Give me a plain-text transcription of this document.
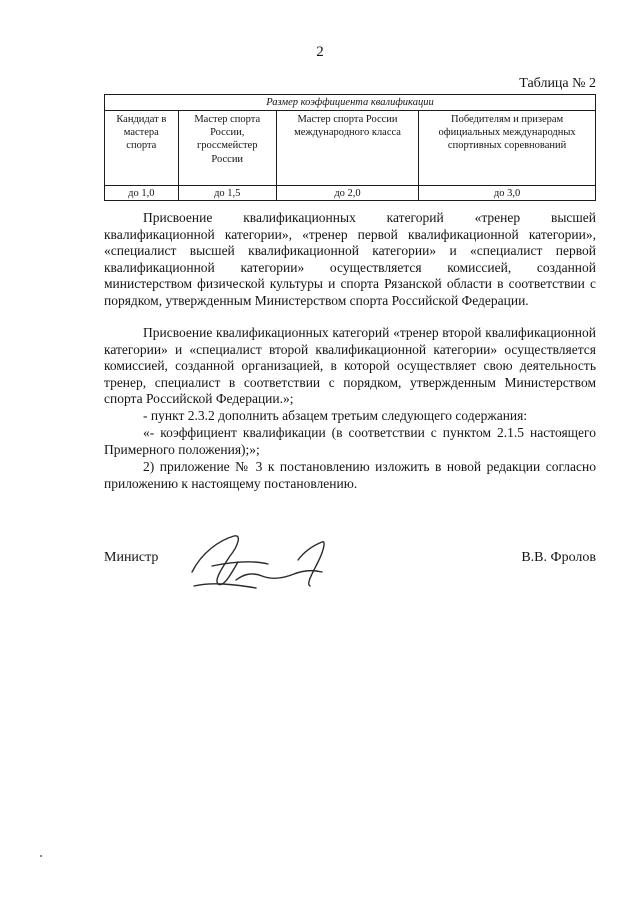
2
Таблица № 2
Размер коэффициента квалификации			
Кандидат в мастера спорта	Мастер спорта России, гроссмейстер России	Мастер спорта России международного класса	Победителям и призерам официальных международных спортивных соревнований
до 1,0	до 1,5	до 2,0	до 3,0

Присвоение квалификационных категорий «тренер высшей квалификационной категории», «тренер первой квалификационной категории», «специалист высшей квалификационной категории» и «специалист первой квалификационной категории» осуществляется комиссией, созданной министерством физической культуры и спорта Рязанской области в соответствии с порядком, утвержденным Министерством спорта Российской Федерации.

Присвоение квалификационных категорий «тренер второй квалификационной категории» и «специалист второй квалификационной категории» осуществляется комиссией, созданной организацией, в которой осуществляет свою деятельность тренер, специалист в соответствии с порядком, утвержденным Министерством спорта Российской Федерации.»;

- пункт 2.3.2 дополнить абзацем третьим следующего содержания:

«- коэффициент квалификации (в соответствии с пунктом 2.1.5 настоящего Примерного положения);»;

2) приложение № 3 к постановлению изложить в новой редакции согласно приложению к настоящему постановлению.

Министр	В.В. Фролов
